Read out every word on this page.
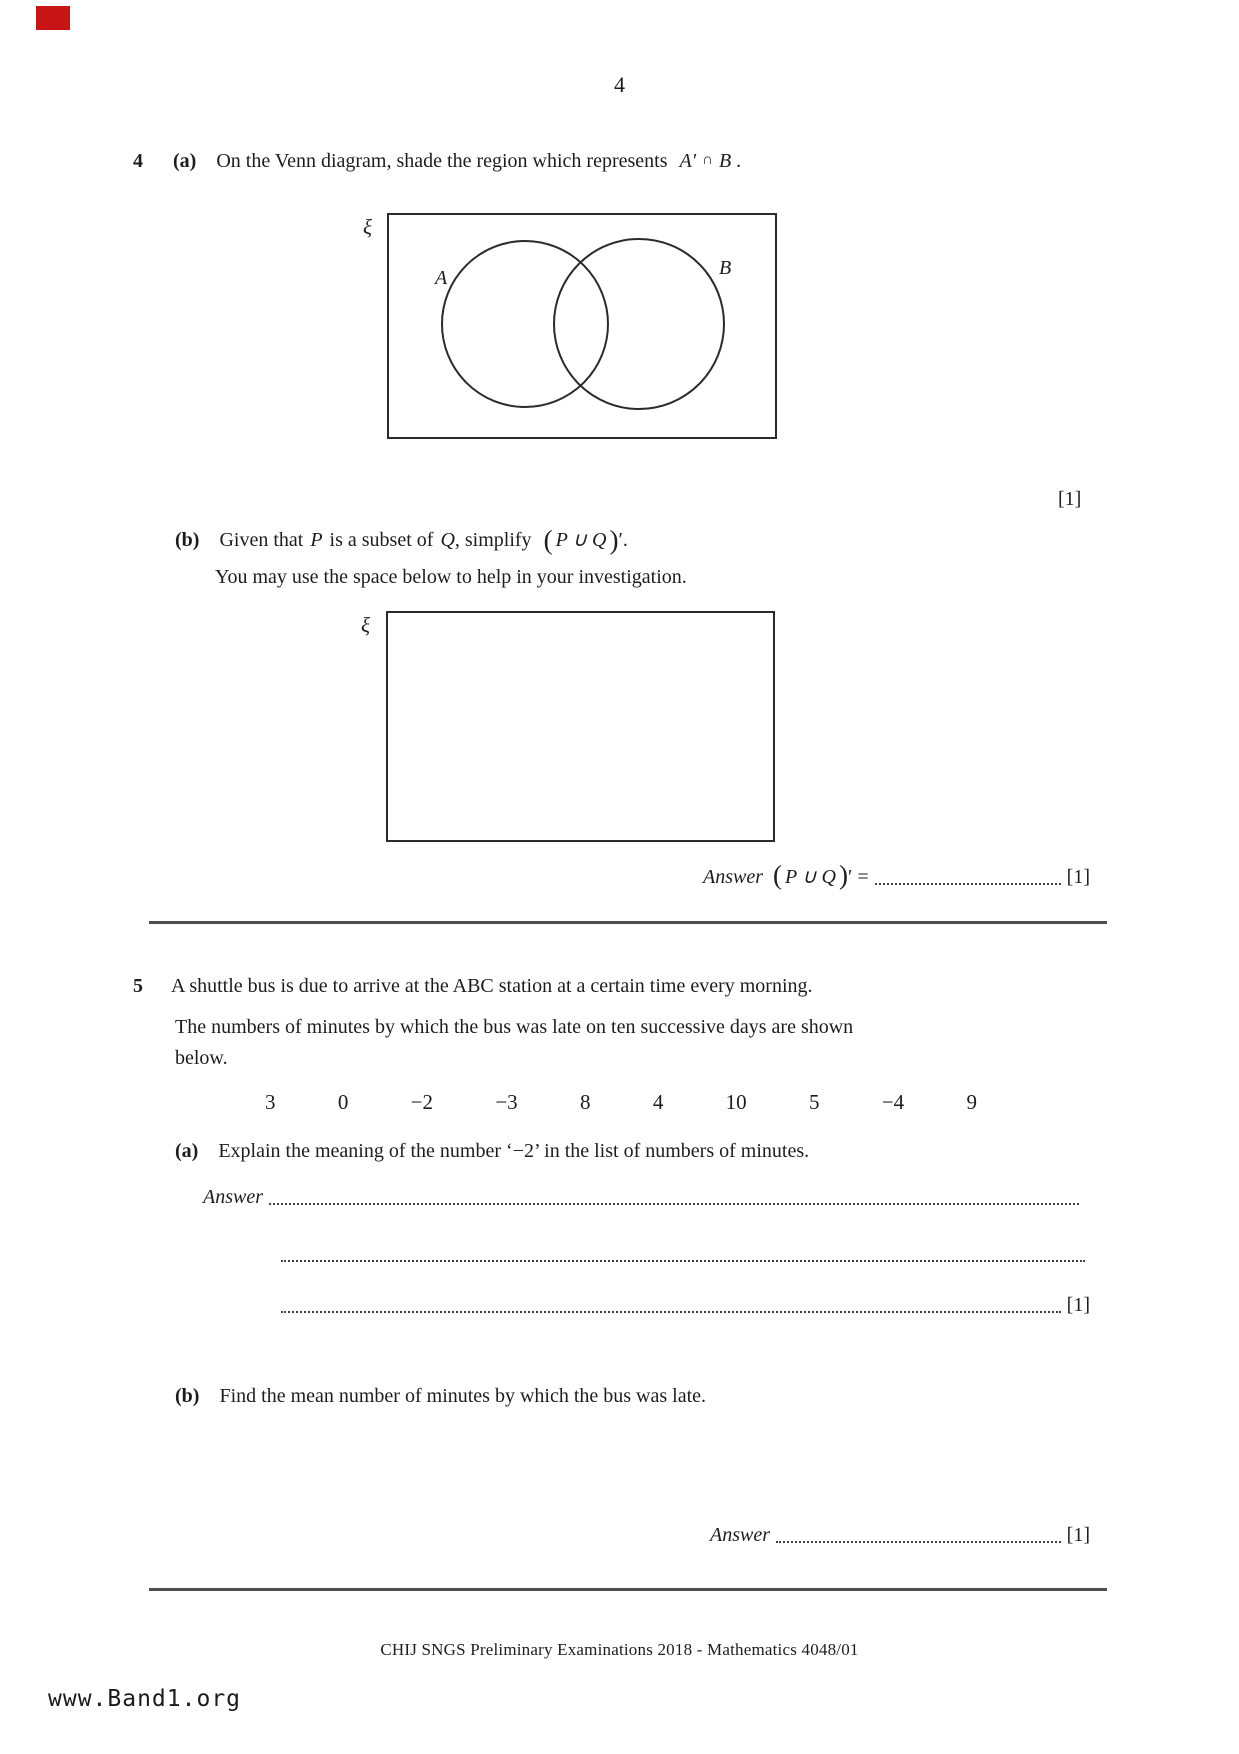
4
4 (a) On the Venn diagram, shade the region which represents A′ ∩ B .
ξ
A	B
[1]
(b) Given that P is a subset of Q, simplify ( P ∪ Q )′.
You may use the space below to help in your investigation.
ξ
Answer ( P ∪ Q ) ′ =	[1]
5 A shuttle bus is due to arrive at the ABC station at a certain time every morning.
The numbers of minutes by which the bus was late on ten successive days are shown
below.
3	0	−2	−3	8	4	10	5	−4	9
(a) Explain the meaning of the number ‘−2’ in the list of numbers of minutes.
Answer
[1]
(b) Find the mean number of minutes by which the bus was late.
Answer	[1]
CHIJ SNGS Preliminary Examinations 2018 - Mathematics 4048/01
www.Band1.org
